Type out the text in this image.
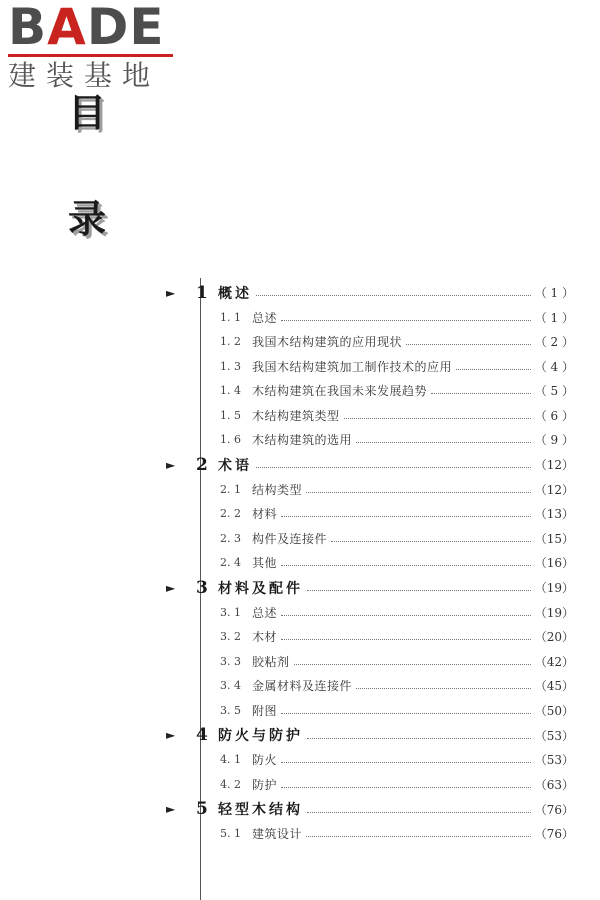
BADE
建装基地
目
录
► 1 概述	（ 1 ）
1. 1 总述	（ 1 ）
1. 2 我国木结构建筑的应用现状	（ 2 ）
1. 3 我国木结构建筑加工制作技术的应用	（ 4 ）
1. 4 木结构建筑在我国未来发展趋势	（ 5 ）
1. 5 木结构建筑类型	（ 6 ）
1. 6 木结构建筑的选用	（ 9 ）
► 2 术语	（12）
2. 1 结构类型	（12）
2. 2 材料	（13）
2. 3 构件及连接件	（15）
2. 4 其他	（16）
► 3 材料及配件	（19）
3. 1 总述	（19）
3. 2 木材	（20）
3. 3 胶粘剂	（42）
3. 4 金属材料及连接件	（45）
3. 5 附图	（50）
► 4 防火与防护	（53）
4. 1 防火	（53）
4. 2 防护	（63）
► 5 轻型木结构	（76）
5. 1 建筑设计	（76）
